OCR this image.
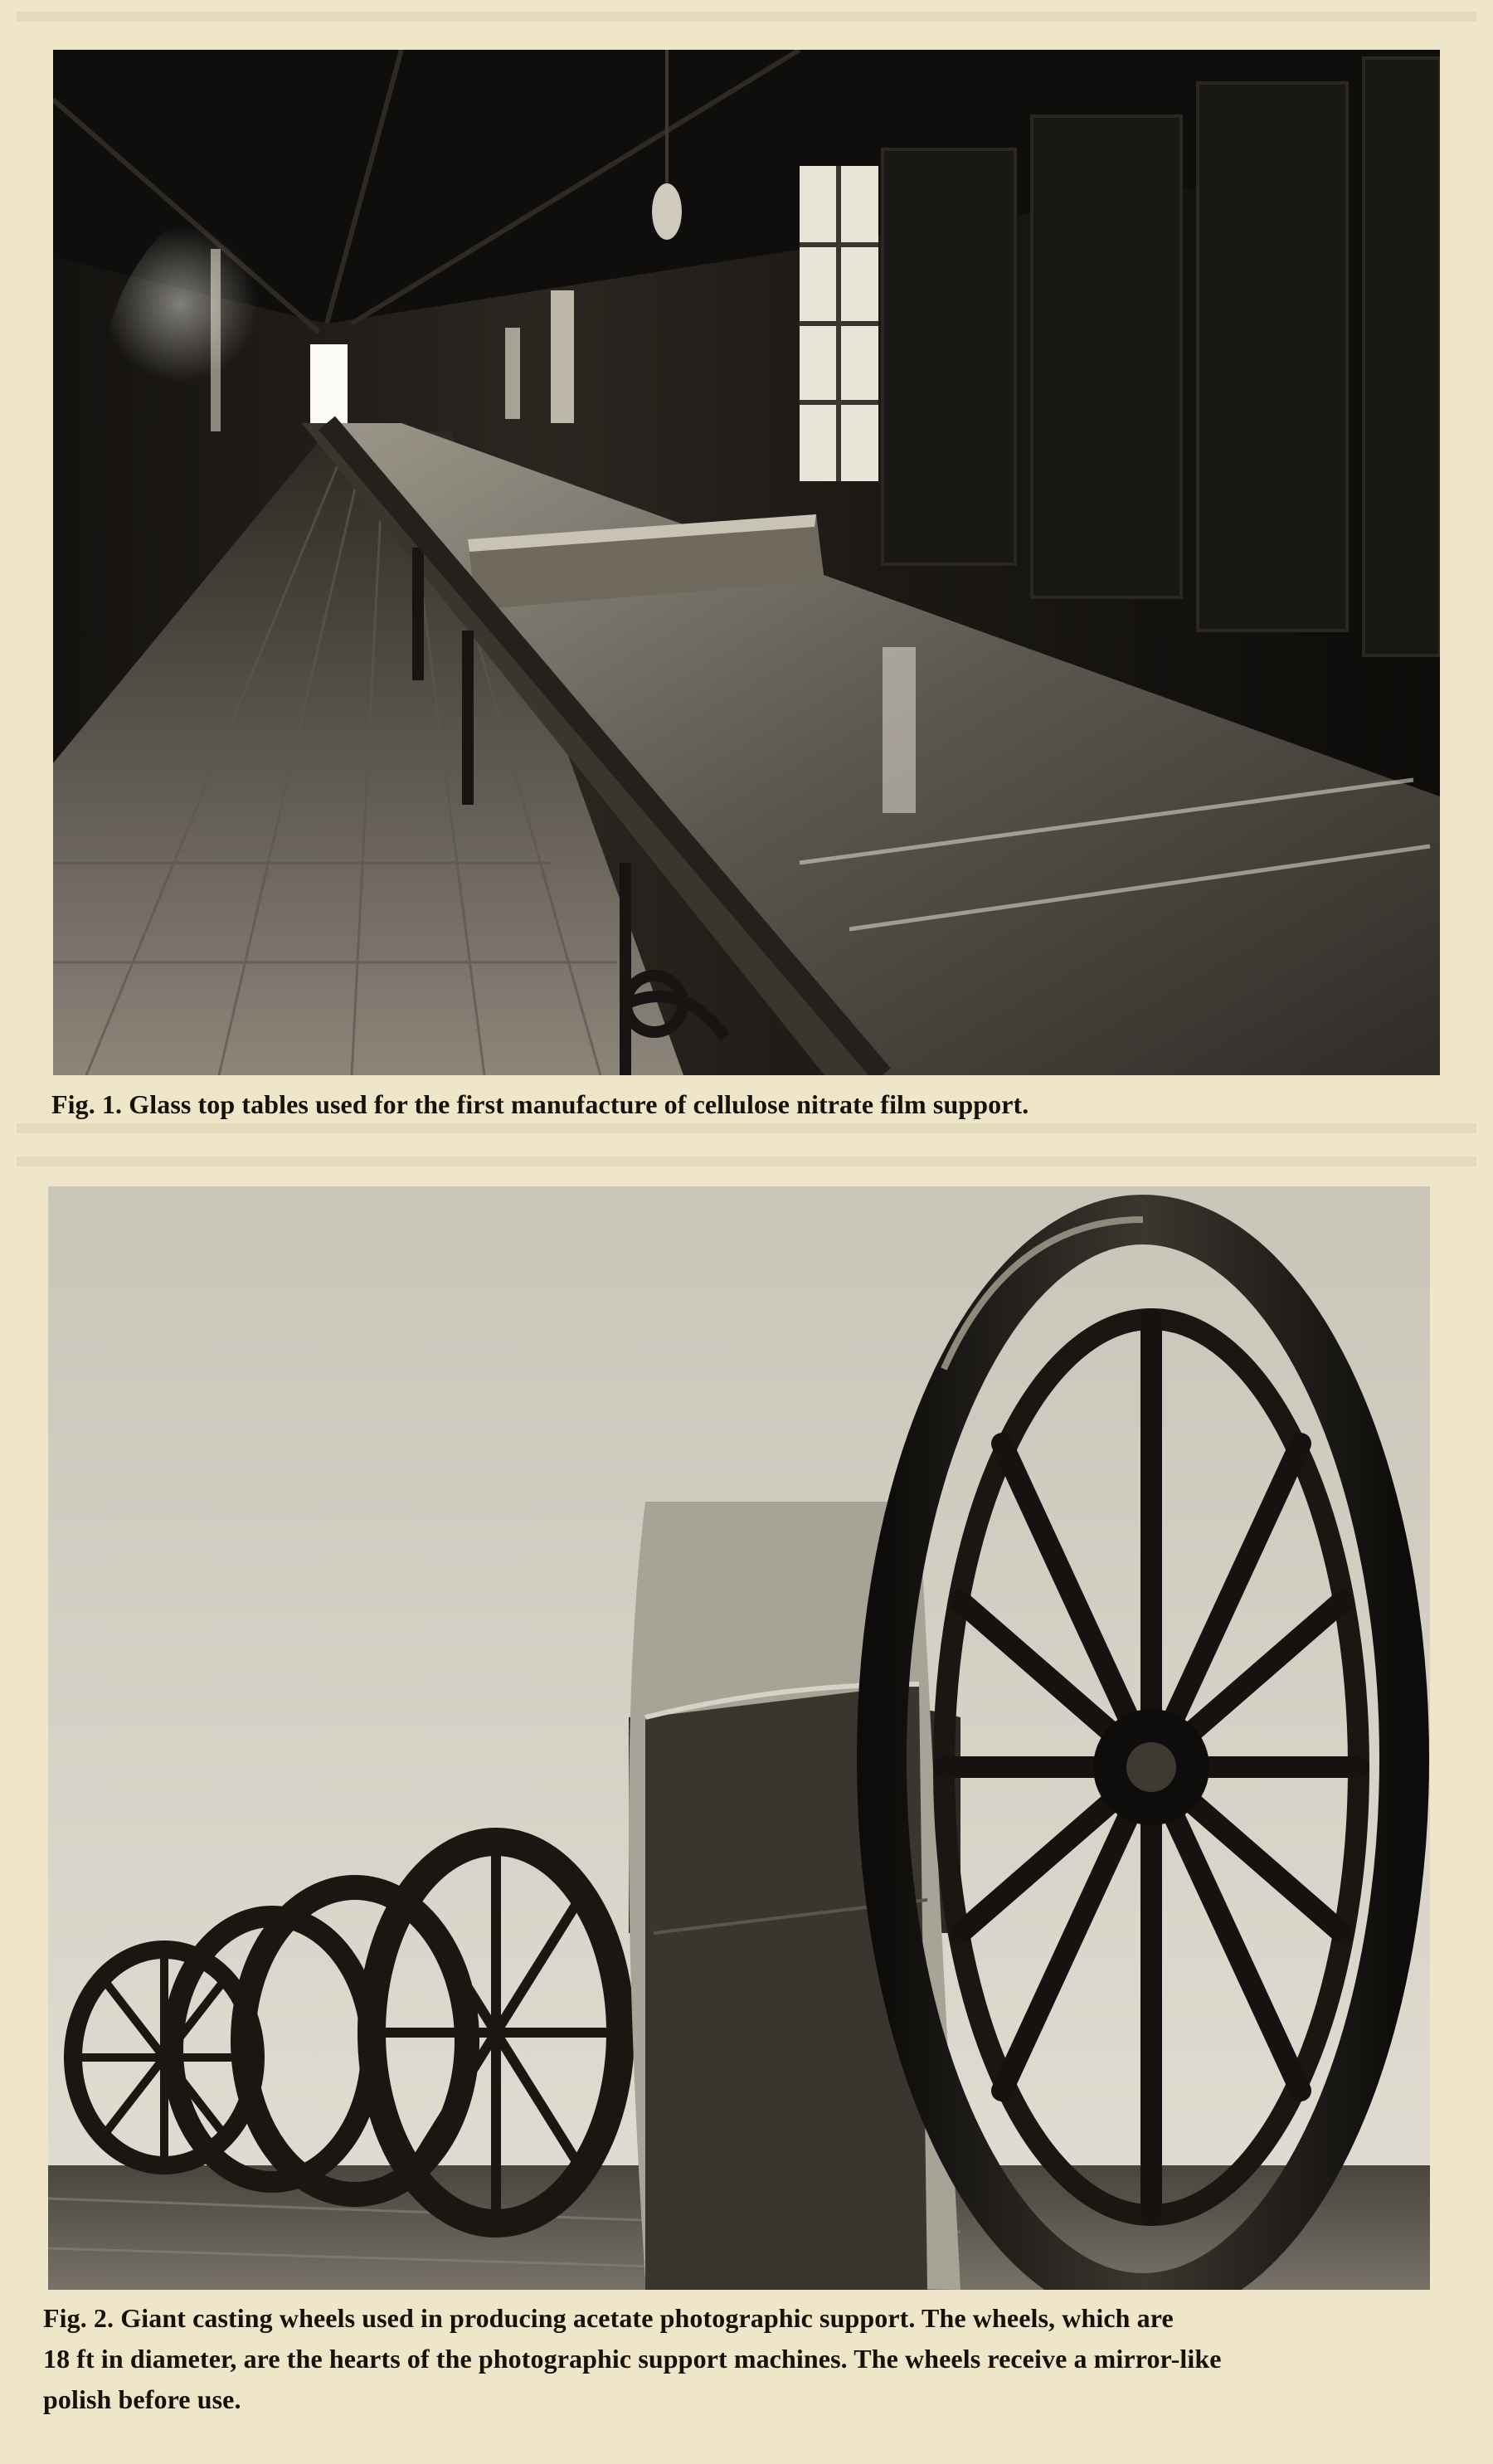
Fig. 1. Glass top tables used for the first manufacture of cellulose nitrate film support.

Fig. 2. Giant casting wheels used in producing acetate photographic support. The wheels, which are
18 ft in diameter, are the hearts of the photographic support machines. The wheels receive a mirror-like
polish before use.
